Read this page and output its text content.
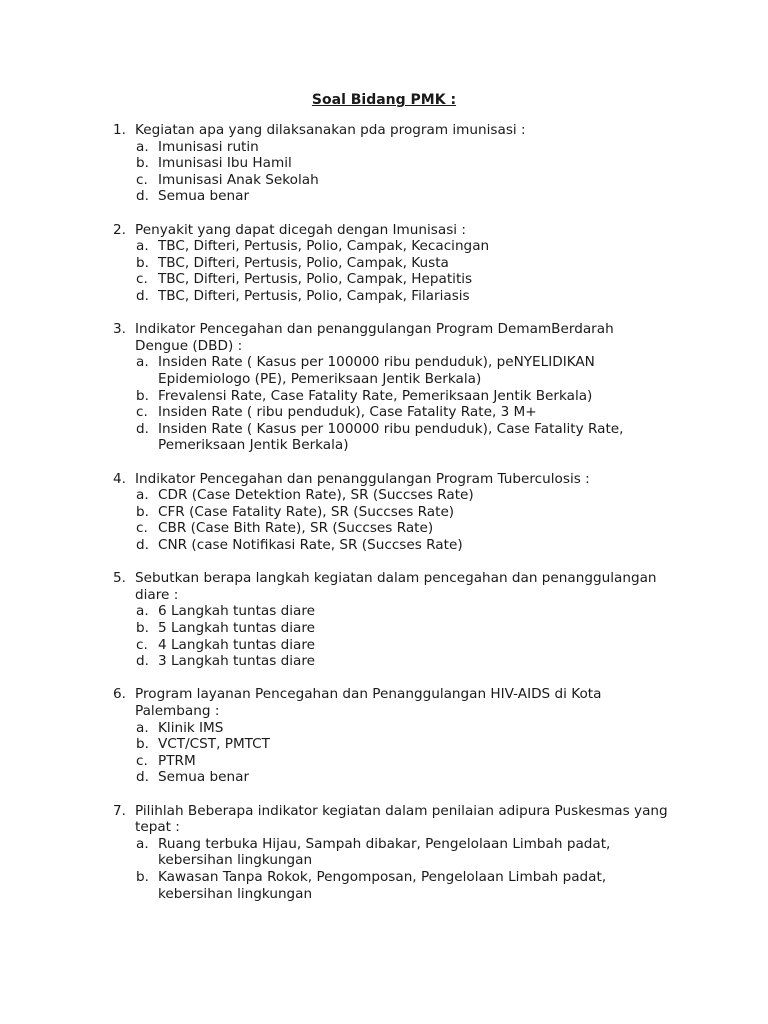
Soal Bidang PMK :
1. Kegiatan apa yang dilaksanakan pda program imunisasi :
a. Imunisasi rutin
b. Imunisasi Ibu Hamil
c. Imunisasi Anak Sekolah
d. Semua benar
2. Penyakit yang dapat dicegah dengan Imunisasi :
a. TBC, Difteri, Pertusis, Polio, Campak, Kecacingan
b. TBC, Difteri, Pertusis, Polio, Campak, Kusta
c. TBC, Difteri, Pertusis, Polio, Campak, Hepatitis
d. TBC, Difteri, Pertusis, Polio, Campak, Filariasis
3. Indikator Pencegahan dan penanggulangan Program DemamBerdarah
Dengue (DBD) :
a. Insiden Rate ( Kasus per 100000 ribu penduduk), peNYELIDIKAN
Epidemiologo (PE), Pemeriksaan Jentik Berkala)
b. Frevalensi Rate, Case Fatality Rate, Pemeriksaan Jentik Berkala)
c. Insiden Rate ( ribu penduduk), Case Fatality Rate, 3 M+
d. Insiden Rate ( Kasus per 100000 ribu penduduk), Case Fatality Rate,
Pemeriksaan Jentik Berkala)
4. Indikator Pencegahan dan penanggulangan Program Tuberculosis :
a. CDR (Case Detektion Rate), SR (Succses Rate)
b. CFR (Case Fatality Rate), SR (Succses Rate)
c. CBR (Case Bith Rate), SR (Succses Rate)
d. CNR (case Notifikasi Rate, SR (Succses Rate)
5. Sebutkan berapa langkah kegiatan dalam pencegahan dan penanggulangan
diare :
a. 6 Langkah tuntas diare
b. 5 Langkah tuntas diare
c. 4 Langkah tuntas diare
d. 3 Langkah tuntas diare
6. Program layanan Pencegahan dan Penanggulangan HIV-AIDS di Kota
Palembang :
a. Klinik IMS
b. VCT/CST, PMTCT
c. PTRM
d. Semua benar
7. Pilihlah Beberapa indikator kegiatan dalam penilaian adipura Puskesmas yang
tepat :
a. Ruang terbuka Hijau, Sampah dibakar, Pengelolaan Limbah padat,
kebersihan lingkungan
b. Kawasan Tanpa Rokok, Pengomposan, Pengelolaan Limbah padat,
kebersihan lingkungan
